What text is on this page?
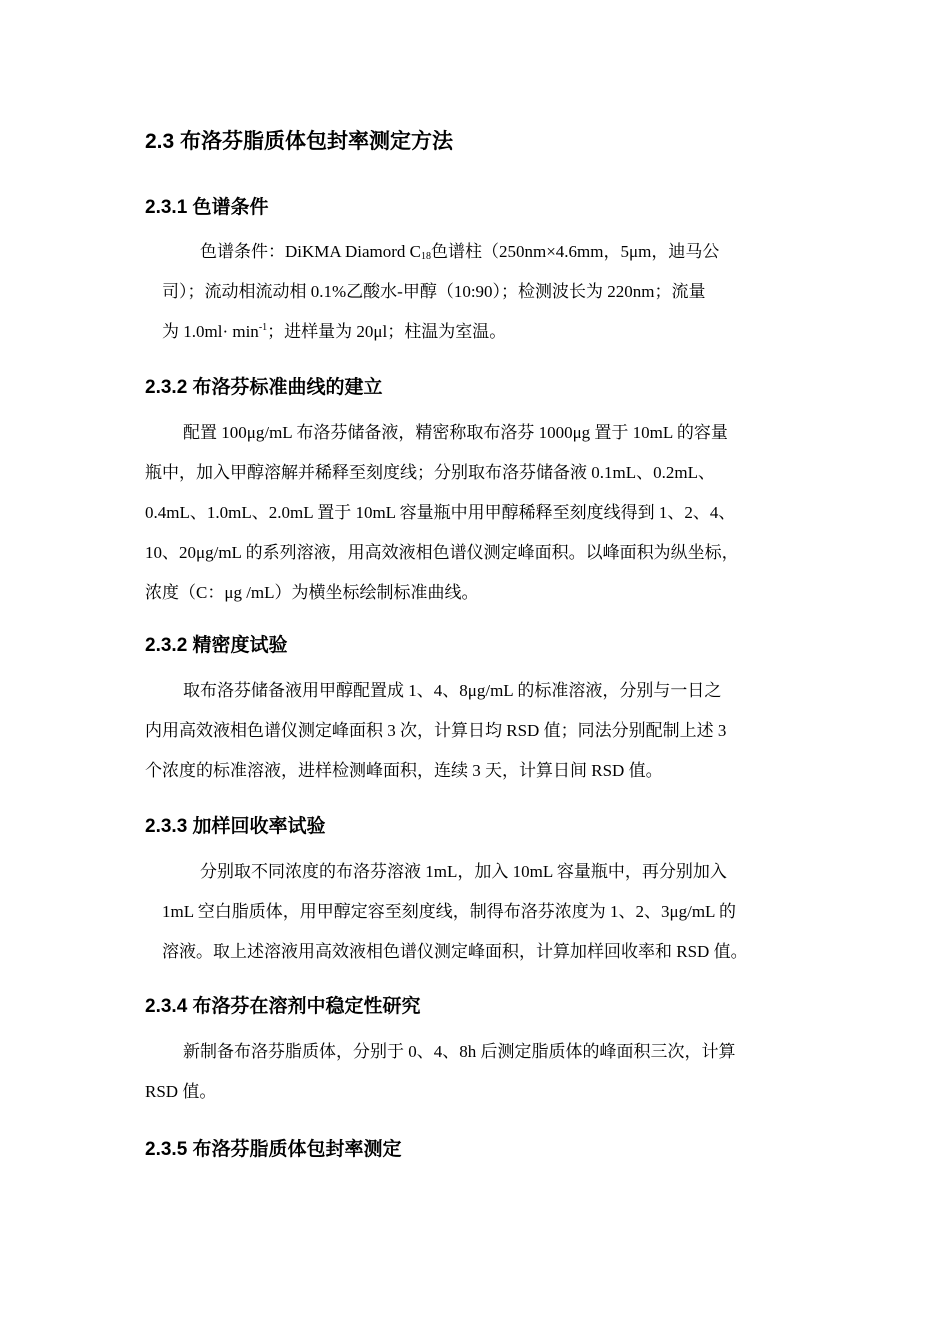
2.3 布洛芬脂质体包封率测定方法
2.3.1 色谱条件
色谱条件：DiKMA Diamord $C_{18}$色谱柱（250nm×4.6mm，5μm，迪马公
司）；流动相流动相 0.1%乙酸水-甲醇（10:90）；检测波长为 220nm；流量
为 $1.0ml\cdot \min^{-1}$；进样量为 20μl；柱温为室温。
2.3.2 布洛芬标准曲线的建立
配置 100μg/mL 布洛芬储备液，精密称取布洛芬 1000μg 置于 10mL 的容量
瓶中，加入甲醇溶解并稀释至刻度线；分别取布洛芬储备液 0.1mL、0.2mL、
0.4mL、1.0mL、2.0mL 置于 10mL 容量瓶中用甲醇稀释至刻度线得到 1、2、4、
10、20μg/mL 的系列溶液，用高效液相色谱仪测定峰面积。以峰面积为纵坐标，
浓度（C：μg /mL）为横坐标绘制标准曲线。
2.3.2 精密度试验
取布洛芬储备液用甲醇配置成 1、4、8μg/mL 的标准溶液，分别与一日之
内用高效液相色谱仪测定峰面积 3 次，计算日均 RSD 值；同法分别配制上述 3
个浓度的标准溶液，进样检测峰面积，连续 3 天，计算日间 RSD 值。
2.3.3 加样回收率试验
分别取不同浓度的布洛芬溶液 1mL，加入 10mL 容量瓶中，再分别加入
1mL 空白脂质体，用甲醇定容至刻度线，制得布洛芬浓度为 1、2、3μg/mL 的
溶液。取上述溶液用高效液相色谱仪测定峰面积，计算加样回收率和 RSD 值。
2.3.4 布洛芬在溶剂中稳定性研究
新制备布洛芬脂质体，分别于 0、4、8h 后测定脂质体的峰面积三次，计算
RSD 值。
2.3.5 布洛芬脂质体包封率测定
